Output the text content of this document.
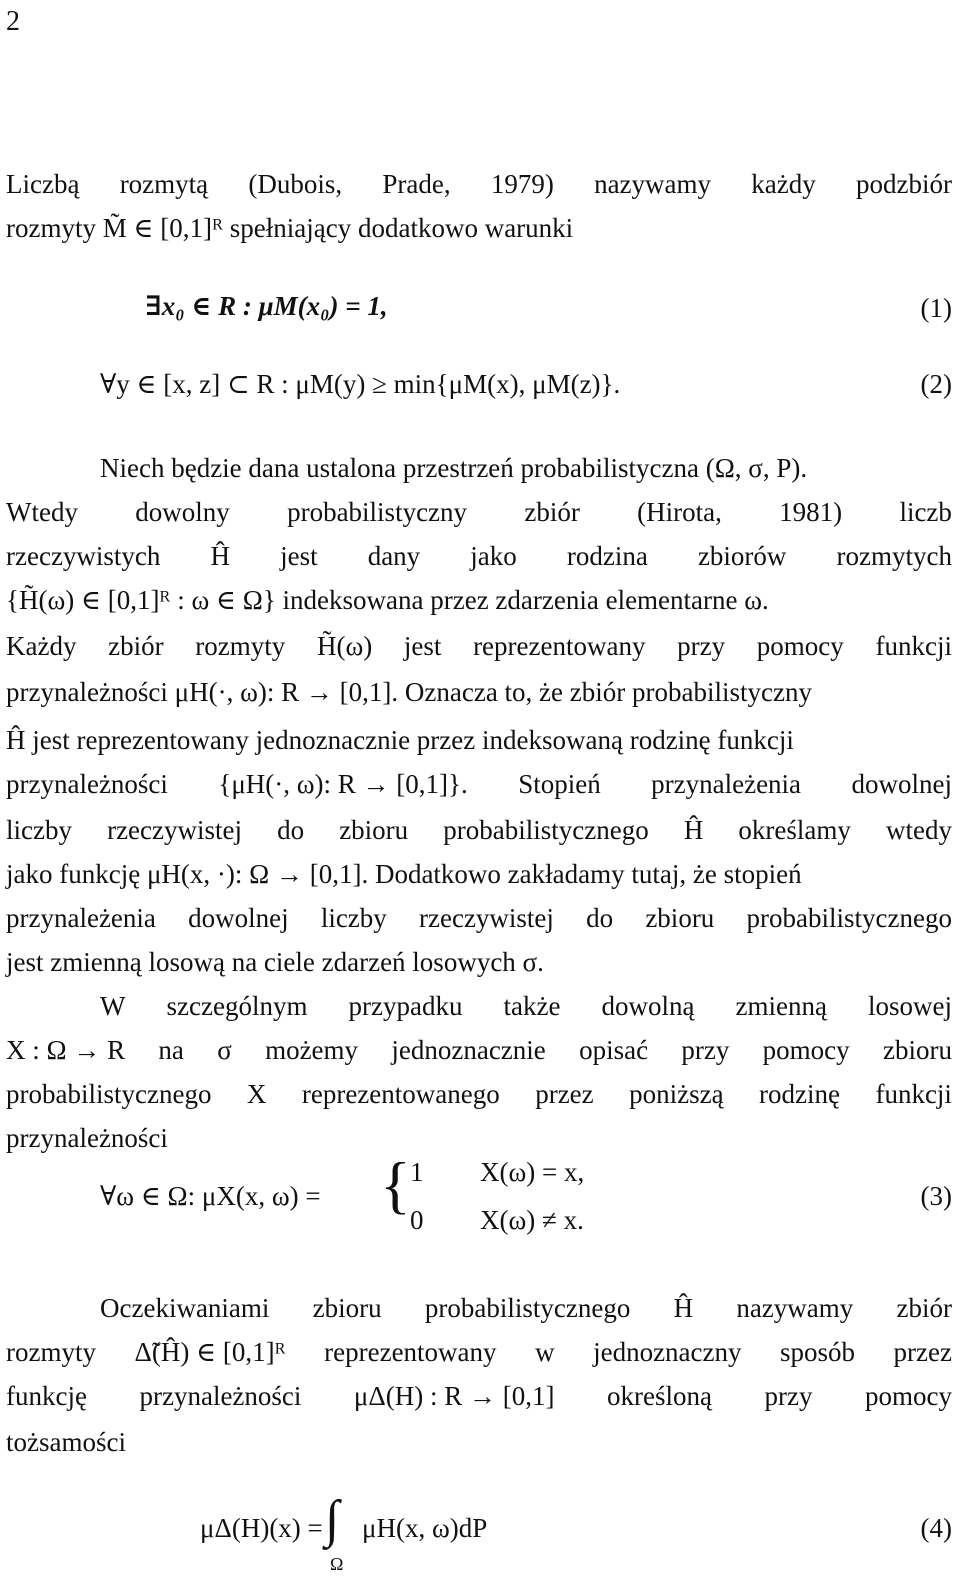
2
Liczbą rozmytą (Dubois, Prade, 1979) nazywamy każdy podzbiór
rozmyty M̃ ∈ [0,1]ᴿ spełniający dodatkowo warunki
∃x₀ ∈ R : μM(x₀) = 1,	(1)
∀y ∈ [x, z] ⊂ R : μM(y) ≥ min{μM(x), μM(z)}.	(2)
Niech będzie dana ustalona przestrzeń probabilistyczna (Ω, σ, P).
Wtedy dowolny probabilistyczny zbiór (Hirota, 1981) liczb
rzeczywistych Ĥ jest dany jako rodzina zbiorów rozmytych
{H̃(ω) ∈ [0,1]ᴿ : ω ∈ Ω} indeksowana przez zdarzenia elementarne ω.
Każdy zbiór rozmyty H̃(ω) jest reprezentowany przy pomocy funkcji
przynależności μH(·, ω): R → [0,1]. Oznacza to, że zbiór probabilistyczny
Ĥ jest reprezentowany jednoznacznie przez indeksowaną rodzinę funkcji
przynależności {μH(·, ω): R → [0,1]}. Stopień przynależenia dowolnej
liczby rzeczywistej do zbioru probabilistycznego Ĥ określamy wtedy
jako funkcję μH(x, ·): Ω → [0,1]. Dodatkowo zakładamy tutaj, że stopień
przynależenia dowolnej liczby rzeczywistej do zbioru probabilistycznego
jest zmienną losową na ciele zdarzeń losowych σ.
W szczególnym przypadku także dowolną zmienną losowej
X : Ω → R na σ możemy jednoznacznie opisać przy pomocy zbioru
probabilistycznego X reprezentowanego przez poniższą rodzinę funkcji
przynależności
∀ω ∈ Ω: μX(x, ω) = { 1 X(ω) = x,
0 X(ω) ≠ x.
(3)
Oczekiwaniami zbioru probabilistycznego Ĥ nazywamy zbiór
rozmyty Δ̃(Ĥ) ∈ [0,1]ᴿ reprezentowany w jednoznaczny sposób przez
funkcję przynależności μΔ(H) : R → [0,1] określoną przy pomocy
tożsamości
μΔ(H)(x) = ∫
Ω
μH(x, ω)dP	(4)
